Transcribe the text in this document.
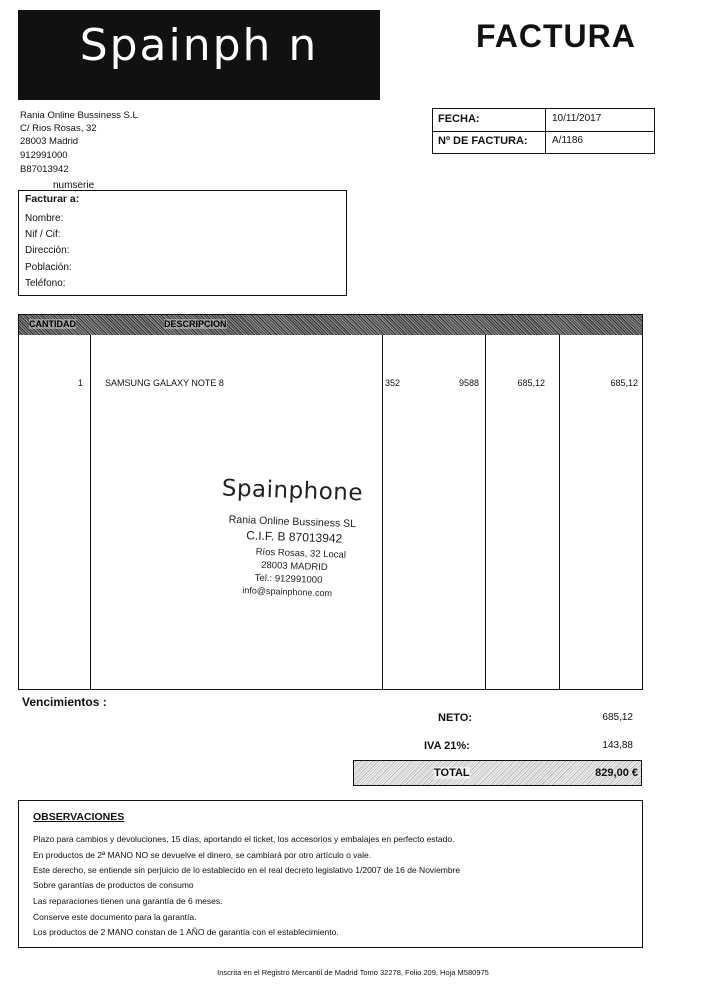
Spainph n	FACTURA
Rania Online Bussiness S.L
C/ Rios Rosas, 32
28003 Madrid
912991000
B87013942
FECHA:	10/11/2017
Nº DE FACTURA: A/1186
numserie
Facturar a:
Nombre:
Nif / Cif:
Dirección:
Población:
Teléfono:
CANTIDAD	DESCRIPCION
1 SAMSUNG GALAXY NOTE 8	352	9588	685,12	685,12
Spainphone
Rania Online Bussiness SL
C.I.F. B 87013942
Ríos Rosas, 32 Local
28003 MADRID
Tel.: 912991000
info@spainphone.com
Vencimientos :
NETO:	685,12
IVA 21%:	143,88
TOTAL	829,00 €
OBSERVACIONES
Plazo para cambios y devoluciones, 15 días, aportando el ticket, los accesorios y embalajes en perfecto estado.
En productos de 2ª MANO NO se devuelve el dinero, se cambiará por otro artículo o vale.
Este derecho, se entiende sin perjuicio de lo establecido en el real decreto legislativo 1/2007 de 16 de Noviembre
Sobre garantías de productos de consumo
Las reparaciones tienen una garantía de 6 meses.
Conserve este documento para la garantía.
Los productos de 2 MANO constan de 1 AÑO de garantía con el establecimiento.
Inscrita en el Registro Mercantil de Madrid Tomo 32278, Folio 209, Hoja M580975
